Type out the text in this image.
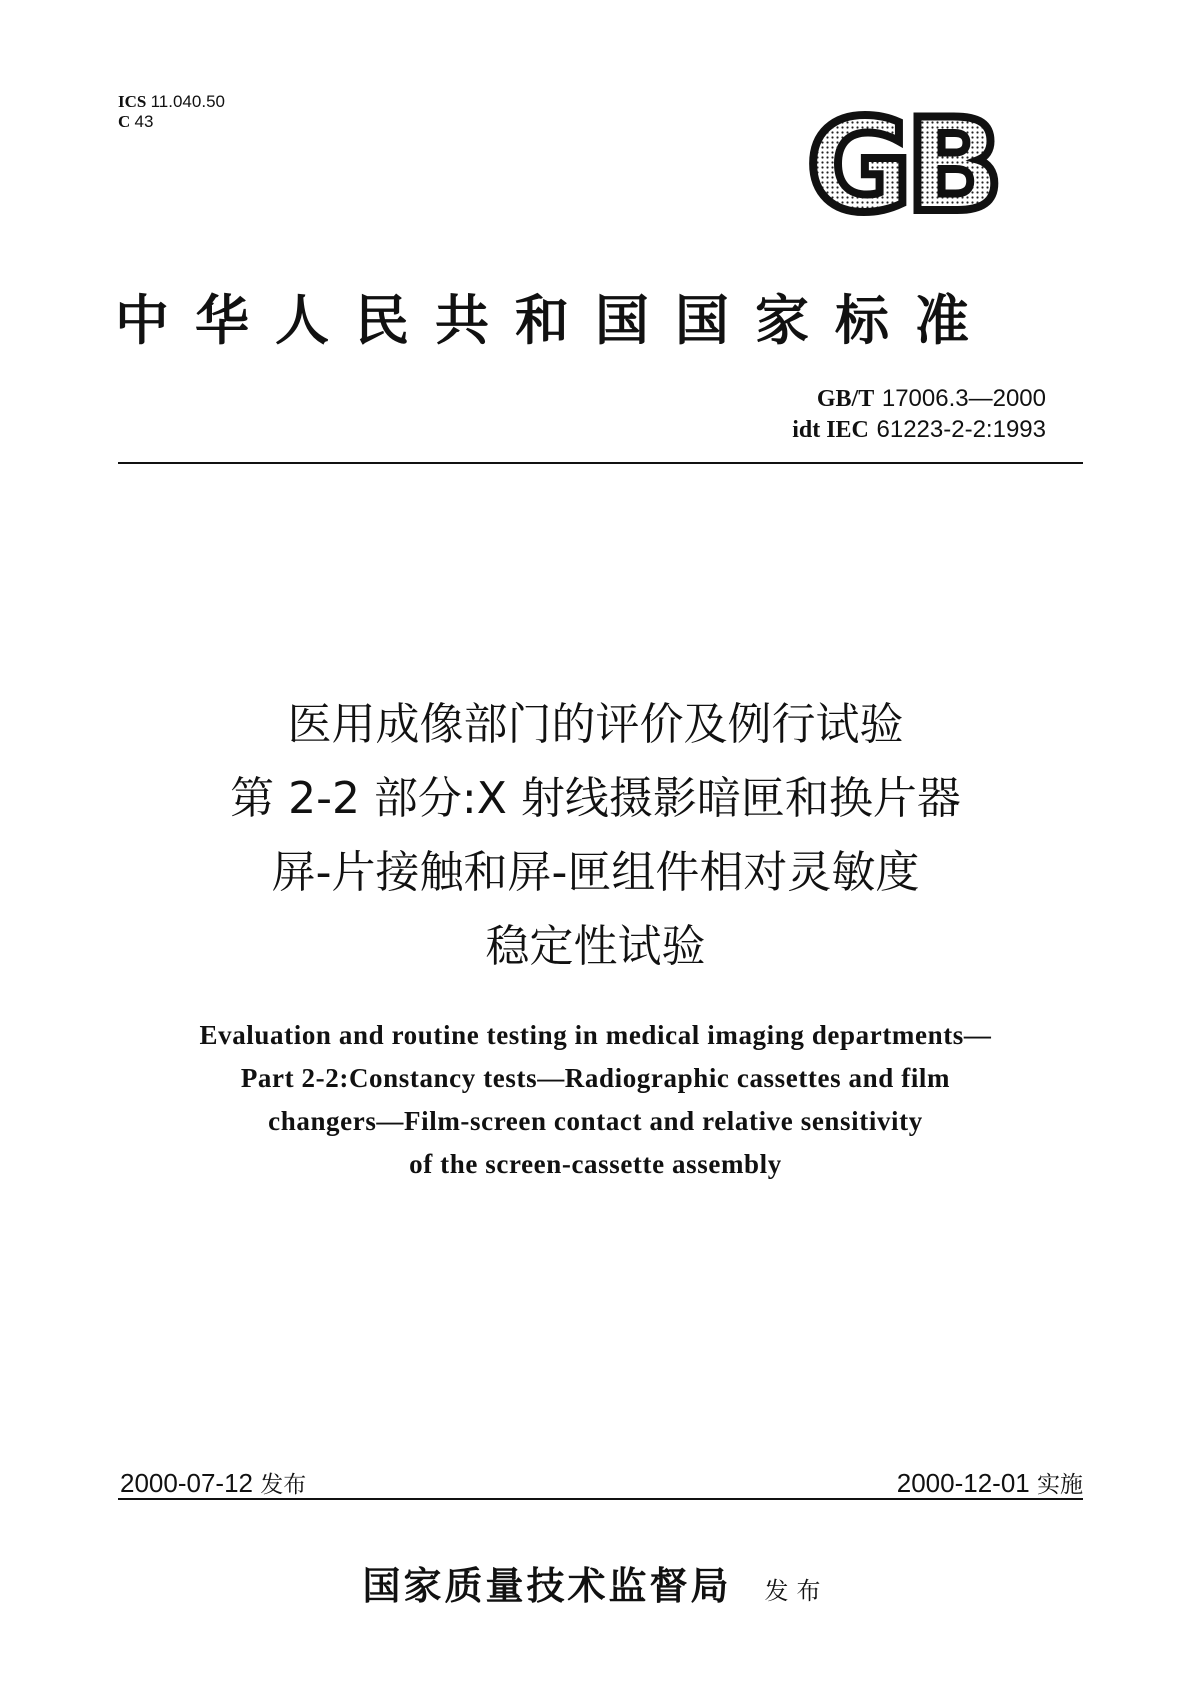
ICS 11.040.50
C 43	GB
中华人民共和国国家标准
GB/T 17006.3—2000
idt IEC 61223-2-2:1993
医用成像部门的评价及例行试验
第 2-2 部分:X 射线摄影暗匣和换片器
屏-片接触和屏-匣组件相对灵敏度
稳定性试验
Evaluation and routine testing in medical imaging departments—
Part 2-2:Constancy tests—Radiographic cassettes and film
changers—Film-screen contact and relative sensitivity
of the screen-cassette assembly
2000-07-12 发布	2000-12-01 实施
国家质量技术监督局 发布
